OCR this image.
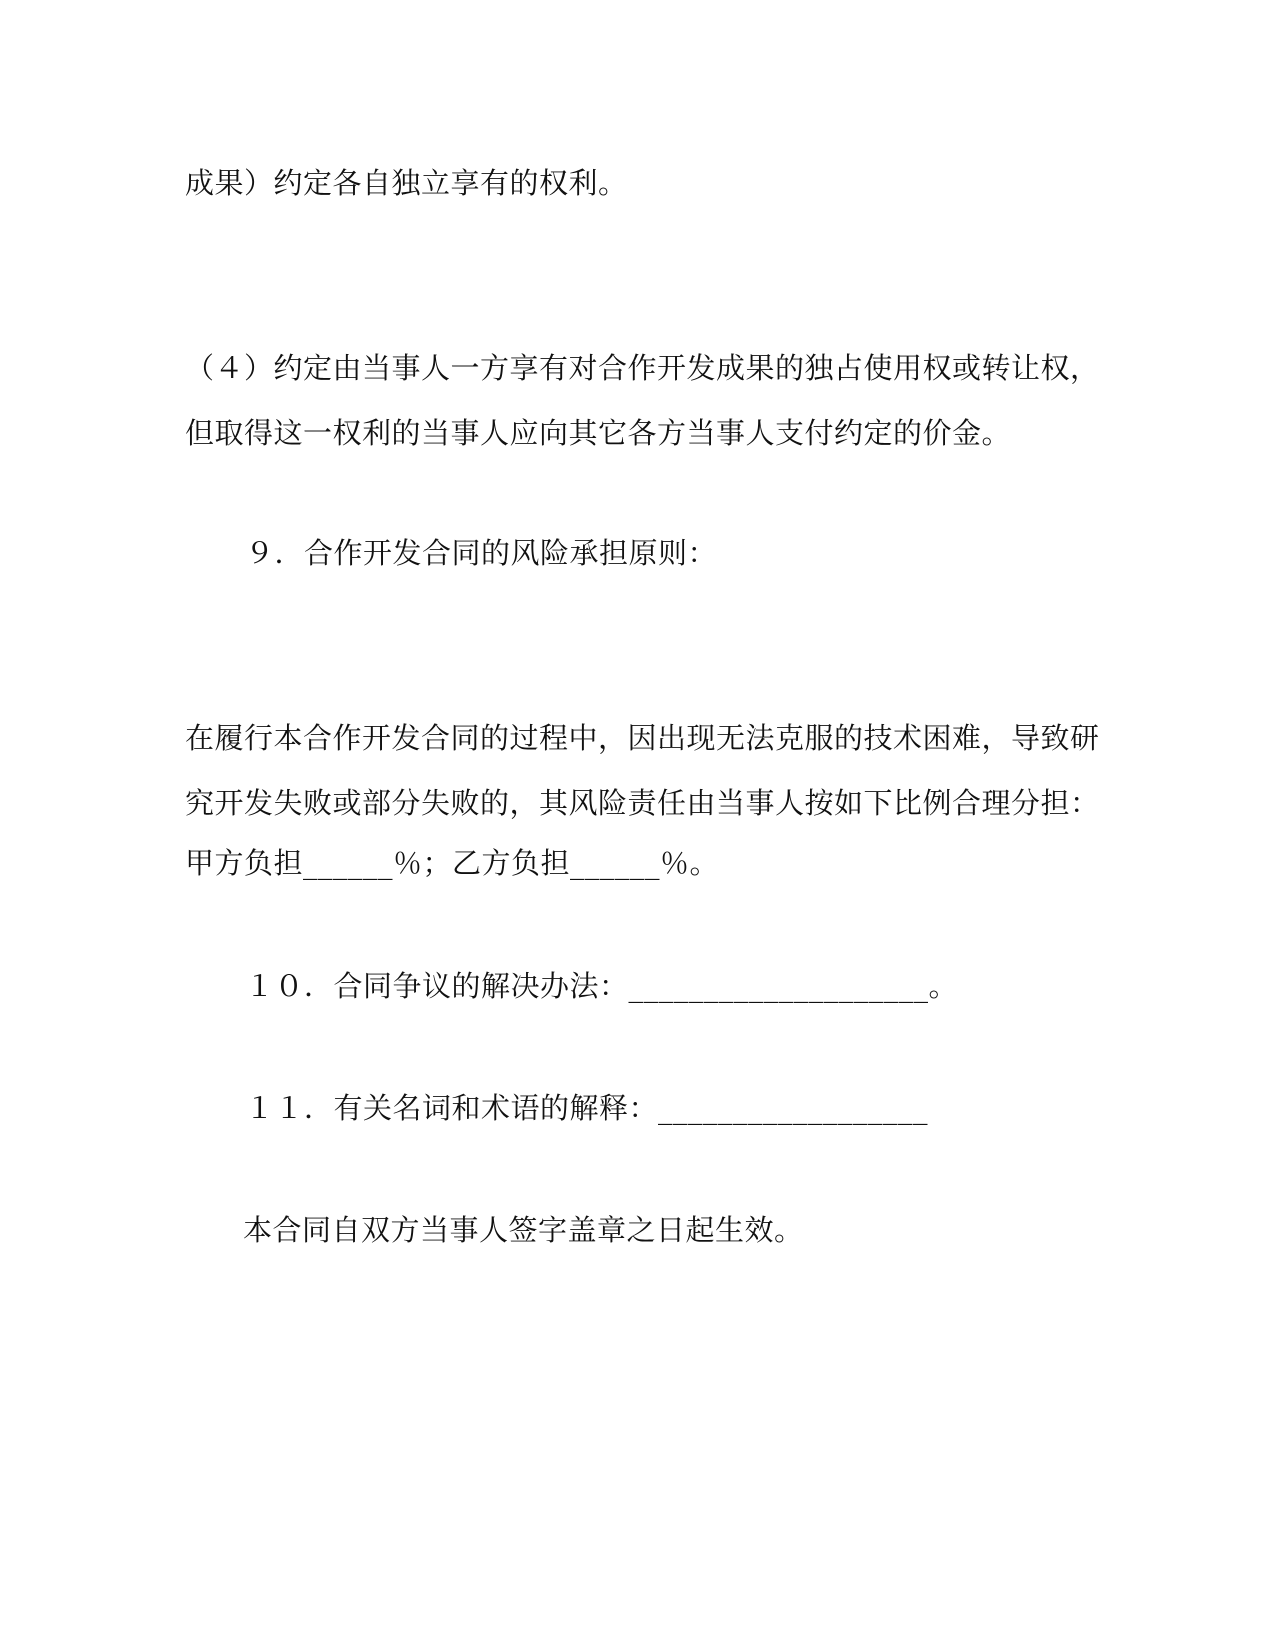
成果）约定各自独立享有的权利。
（４）约定由当事人一方享有对合作开发成果的独占使用权或转让权，
但取得这一权利的当事人应向其它各方当事人支付约定的价金。
９．合作开发合同的风险承担原则：
在履行本合作开发合同的过程中，因出现无法克服的技术困难，导致研
究开发失败或部分失败的，其风险责任由当事人按如下比例合理分担：
甲方负担______％；乙方负担______％。
１０．合同争议的解决办法：____________________。
１１．有关名词和术语的解释：__________________
本合同自双方当事人签字盖章之日起生效。
